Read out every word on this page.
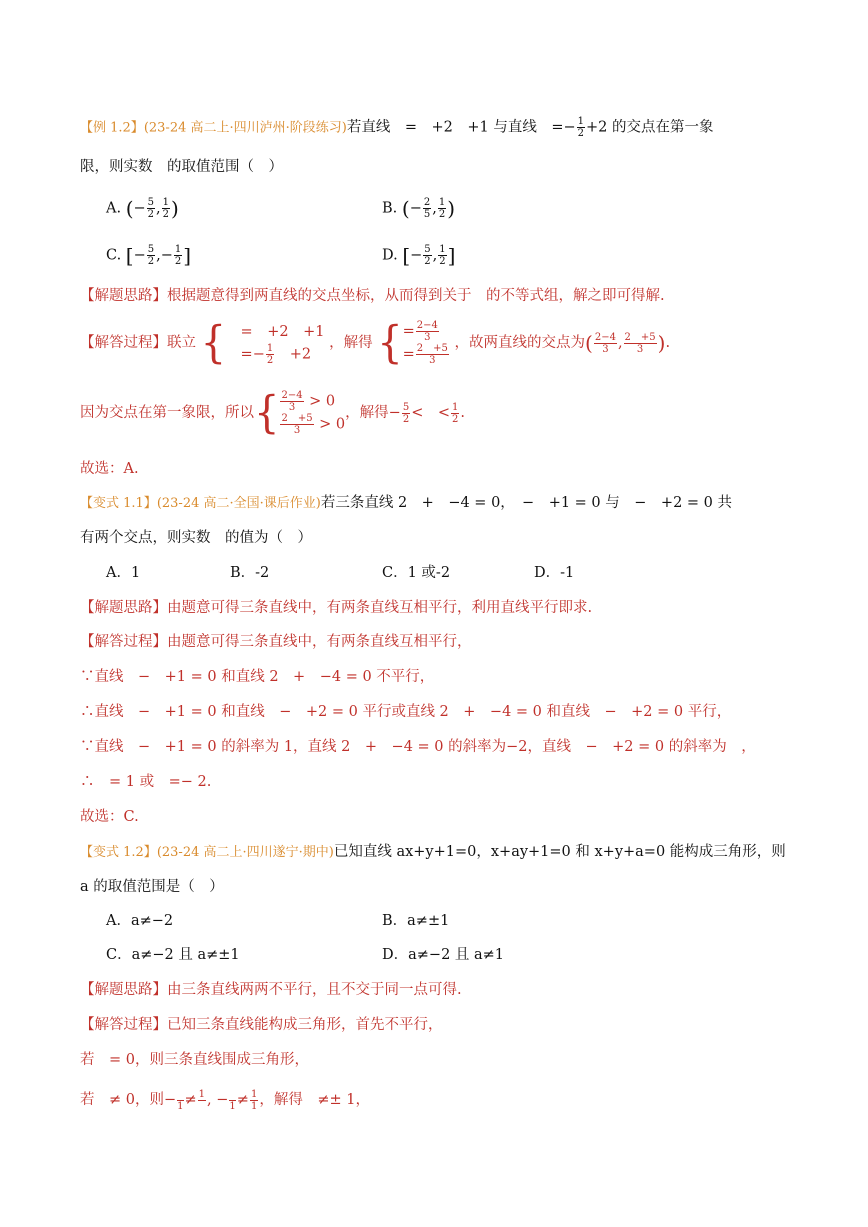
【例 1.2】(23-24 高二上·四川泸州·阶段练习)若直线　=　+2　+1 与直线　=− $\frac{1}{2} +2$ 的交点在第一象
限，则实数　的取值范围（　）
A. (− $\frac{5}{2}$ , $\frac{1}{2}$ )	B. (− $\frac{2}{5}$ , $\frac{1}{2}$ )
C. [− $\frac{5}{2}$ ,− $\frac{1}{2}$ ]	D. [− $\frac{5}{2}$ , $\frac{1}{2}$ ]
【解题思路】根据题意得到两直线的交点坐标，从而得到关于　的不等式组，解之即可得解.
【解答过程】联立 { 　=　+2　+1
　=− $\frac{1}{2}$ 　+2
，解得 { = $\frac{2-4}{3}$
= $\frac{2 +5}{3}$ ，故两直线的交点为( $\frac{2-4}{3}$ , $\frac{2 +5}{3}$ ).
因为交点在第一象限，所以{ $\frac{2-4}{3} > 0$
$\frac{2 +5}{3} > 0$
，解得− $\frac{5}{2}$ <　< $\frac{1}{2}$ .
故选：A.
【变式 1.1】(23-24 高二·全国·课后作业)若三条直线 2　+　−4 = 0，　−　+1 = 0 与　−　+2 = 0 共
有两个交点，则实数　的值为（　）
A．1	B．-2	C．1 或-2	D．-1
【解题思路】由题意可得三条直线中，有两条直线互相平行，利用直线平行即求.
【解答过程】由题意可得三条直线中，有两条直线互相平行，
∵直线　−　+1 = 0 和直线 2　+　−4 = 0 不平行，
∴直线　−　+1 = 0 和直线　−　+2 = 0 平行或直线 2　+　−4 = 0 和直线　−　+2 = 0 平行，
∵直线　−　+1 = 0 的斜率为 1，直线 2　+　−4 = 0 的斜率为−2，直线　−　+2 = 0 的斜率为　，
∴　= 1 或　=− 2.
故选：C.
【变式 1.2】(23-24 高二上·四川遂宁·期中)已知直线 ax+y+1=0，x+ay+1=0 和 x+y+a=0 能构成三角形，则
a 的取值范围是（　）
A．a≠−2	B．a≠±1
C．a≠−2 且 a≠±1	D．a≠−2 且 a≠1
【解题思路】由三条直线两两不平行，且不交于同一点可得.
【解答过程】已知三条直线能构成三角形，首先不平行，
若　= 0，则三条直线围成三角形，
若　≠ 0，则−
1 ≠ 1
, −
$1 \ne \frac{1}{1}$ ，解得　≠± 1，
